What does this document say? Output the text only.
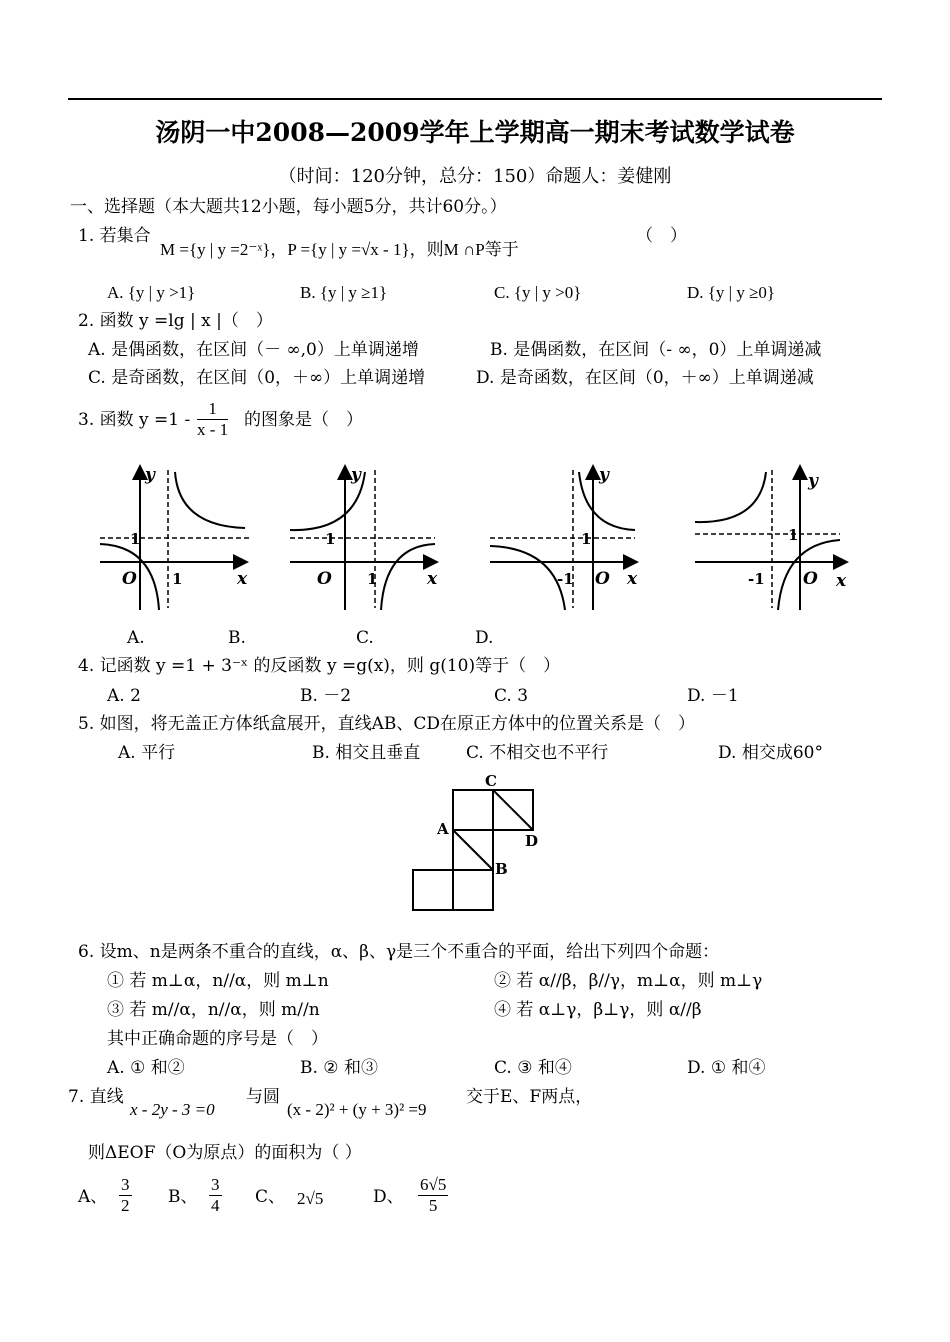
汤阴一中2008—2009学年上学期高一期末考试数学试卷
（时间：120分钟，总分：150）命题人：姜健刚
一、选择题（本大题共12小题，每小题5分，共计60分。）
1. 若集合
M ={y | y =2⁻ˣ}，P ={y | y =√x - 1}，则M ∩P等于
（　）
A. {y | y >1}	B. {y | y ≥1}	C. {y | y >0}	D. {y | y ≥0}
2. 函数 y =lg | x |（　）
A. 是偶函数，在区间（－ ∞,0）上单调递增	B. 是偶函数，在区间（- ∞，0）上单调递减
C. 是奇函数，在区间（0，＋∞）上单调递增	D. 是奇函数，在区间（0，＋∞）上单调递减
3. 函数 $y =1 - \frac{1}{x - 1}$ 的图象是（　）
y
x
O
1
1
y
x
O
1
1
y
x
O
1
-1
y
x
O
1
-1
A.	B.	C.	D.
4. 记函数 y =1 + 3⁻ˣ 的反函数 y =g(x)，则 g(10)等于（　）
A. 2	B. －2	C. 3	D. －1
5. 如图，将无盖正方体纸盒展开，直线AB、CD在原正方体中的位置关系是（　）
A. 平行	B. 相交且垂直	C. 不相交也不平行	D. 相交成60°
C
D
A
B
6. 设m、n是两条不重合的直线，α、β、γ是三个不重合的平面，给出下列四个命题：
① 若 m⊥α，n//α，则 m⊥n	② 若 α//β，β//γ，m⊥α，则 m⊥γ
③ 若 m//α，n//α，则 m//n	④ 若 α⊥γ，β⊥γ，则 α//β
其中正确命题的序号是（　）
A. ① 和②	B. ② 和③	C. ③ 和④	D. ① 和④
7. 直线
x - 2y - 3 =0
与圆
(x - 2)² + (y + 3)² =9
交于E、F两点，
则ΔEOF（O为原点）的面积为（ ）
A、 $\frac{3}{2}$ B、 $\frac{3}{4}$ C、 2√5	D、 $\frac{6√5}{5}$
